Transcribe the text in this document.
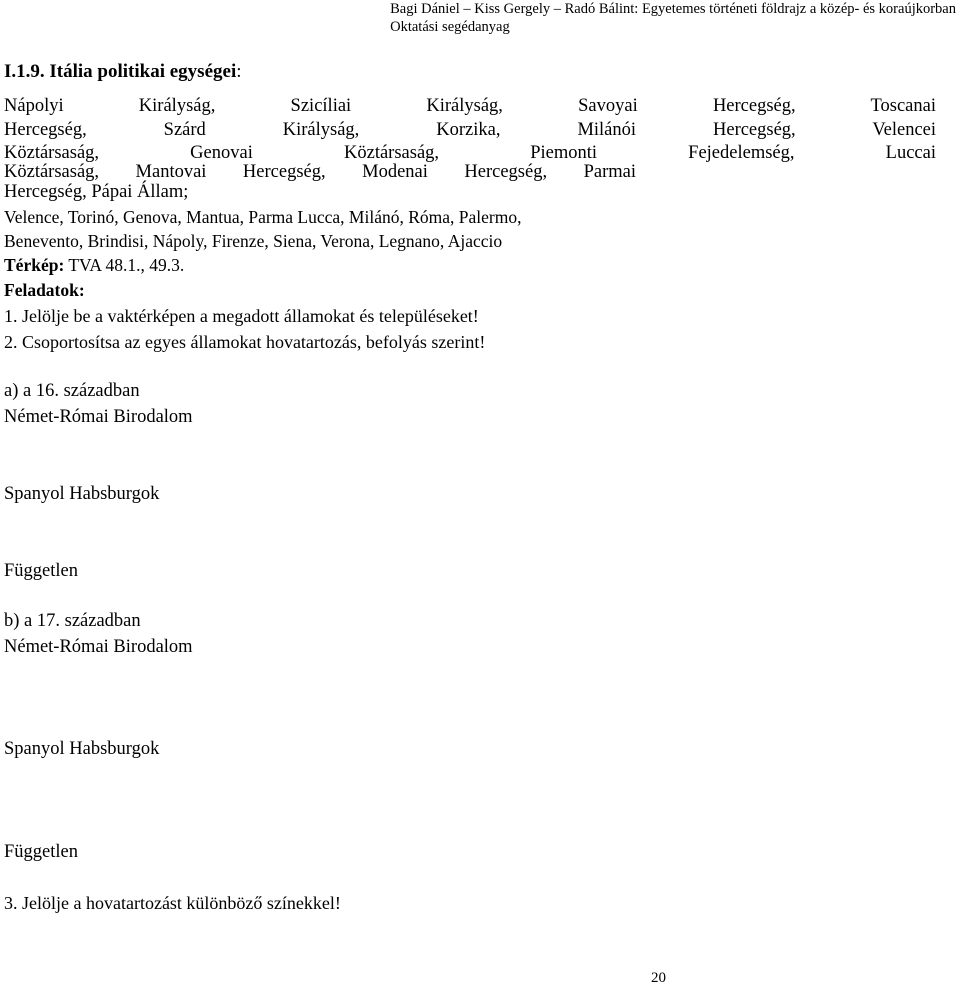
Bagi Dániel – Kiss Gergely – Radó Bálint: Egyetemes történeti földrajz a közép- és koraújkorban
Oktatási segédanyag
I.1.9. Itália politikai egységei:
Nápolyi Királyság, Szicíliai Királyság, Savoyai Hercegség, Toscanai
Hercegség, Szárd Királyság, Korzika, Milánói Hercegség, Velencei
Köztársaság, Genovai Köztársaság, Piemonti Fejedelemség, Luccai
Köztársaság, Mantovai Hercegség, Modenai Hercegség, Parmai
Hercegség, Pápai Állam;
Velence, Torinó, Genova, Mantua, Parma Lucca, Milánó, Róma, Palermo,
Benevento, Brindisi, Nápoly, Firenze, Siena, Verona, Legnano, Ajaccio
Térkép: TVA 48.1., 49.3.
Feladatok:
1. Jelölje be a vaktérképen a megadott államokat és településeket!
2. Csoportosítsa az egyes államokat hovatartozás, befolyás szerint!
a) a 16. században
Német-Római Birodalom
Spanyol Habsburgok
Független
b) a 17. században
Német-Római Birodalom
Spanyol Habsburgok
Független
3. Jelölje a hovatartozást különböző színekkel!
20
